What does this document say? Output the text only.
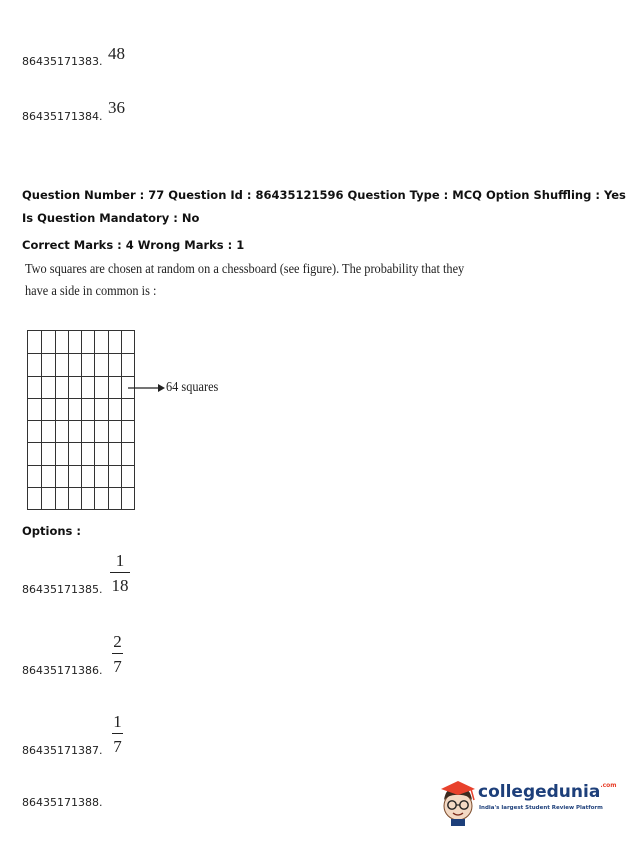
86435171383. 48
86435171384. 36
Question Number : 77 Question Id : 86435121596 Question Type : MCQ Option Shuffling : Yes
Is Question Mandatory : No
Correct Marks : 4 Wrong Marks : 1
Two squares are chosen at random on a chessboard (see figure). The probability that they
have a side in common is :
64 squares
Options :
86435171385.
1
18
86435171386.
2
7
86435171387.
1
7
86435171388.
collegedunia$^{.com}$
India's largest Student Review Platform
